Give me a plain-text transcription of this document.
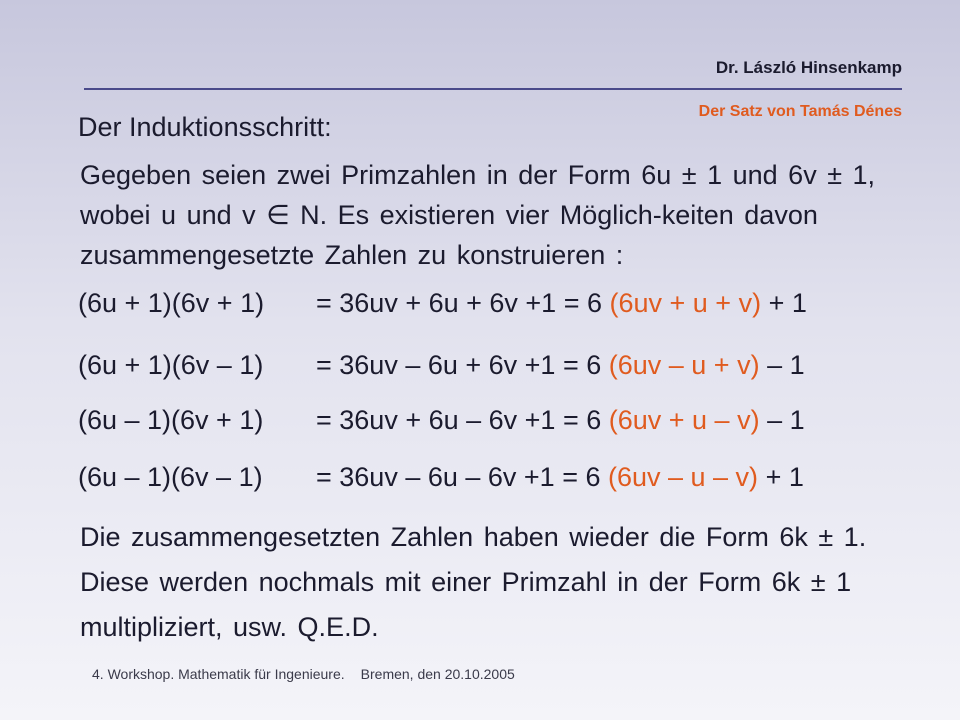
Dr. László Hinsenkamp
Der Satz von Tamás Dénes
Der Induktionsschritt:
Gegeben seien zwei Primzahlen in der Form 6u ± 1 und 6v ± 1, wobei u und v ∈ N. Es existieren vier Möglich-keiten davon zusammengesetzte Zahlen zu konstruieren :
(6u + 1)(6v + 1) = 36uv + 6u + 6v +1 = 6 (6uv + u + v) + 1
(6u + 1)(6v – 1) = 36uv – 6u + 6v +1 = 6 (6uv – u + v) – 1
(6u – 1)(6v + 1) = 36uv + 6u – 6v +1 = 6 (6uv + u – v) – 1
(6u – 1)(6v – 1) = 36uv – 6u – 6v +1 = 6 (6uv – u – v) + 1
Die zusammengesetzten Zahlen haben wieder die Form 6k ± 1. Diese werden nochmals mit einer Primzahl in der Form 6k ± 1 multipliziert, usw. Q.E.D.
4. Workshop. Mathematik für Ingenieure. Bremen, den 20.10.2005
